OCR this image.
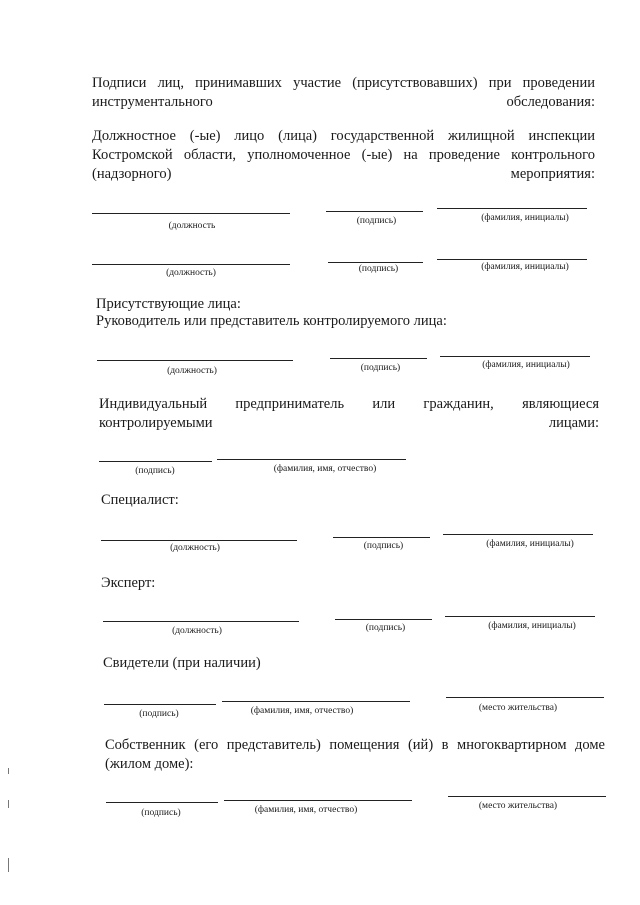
Подписи лиц, принимавших участие (присутствовавших) при проведении инструментального обследования:

Должностное (-ые) лицо (лица) государственной жилищной инспекции Костромской области, уполномоченное (-ые) на проведение контрольного (надзорного) мероприятия:

(должность	(подпись)	(фамилия, инициалы)
(должность)	(подпись)	(фамилия, инициалы)

Присутствующие лица:

Руководитель или представитель контролируемого лица:

(должность)	(подпись)	(фамилия, инициалы)

Индивидуальный предприниматель или гражданин, являющиеся контролируемыми лицами:

(подпись)	(фамилия, имя, отчество)

Специалист:

(должность)	(подпись)	(фамилия, инициалы)

Эксперт:

(должность)	(подпись)	(фамилия, инициалы)

Свидетели (при наличии)

(подпись)	(фамилия, имя, отчество)	(место жительства)

Собственник (его представитель) помещения (ий) в многоквартирном доме (жилом доме):

(подпись)	(фамилия, имя, отчество)	(место жительства)
